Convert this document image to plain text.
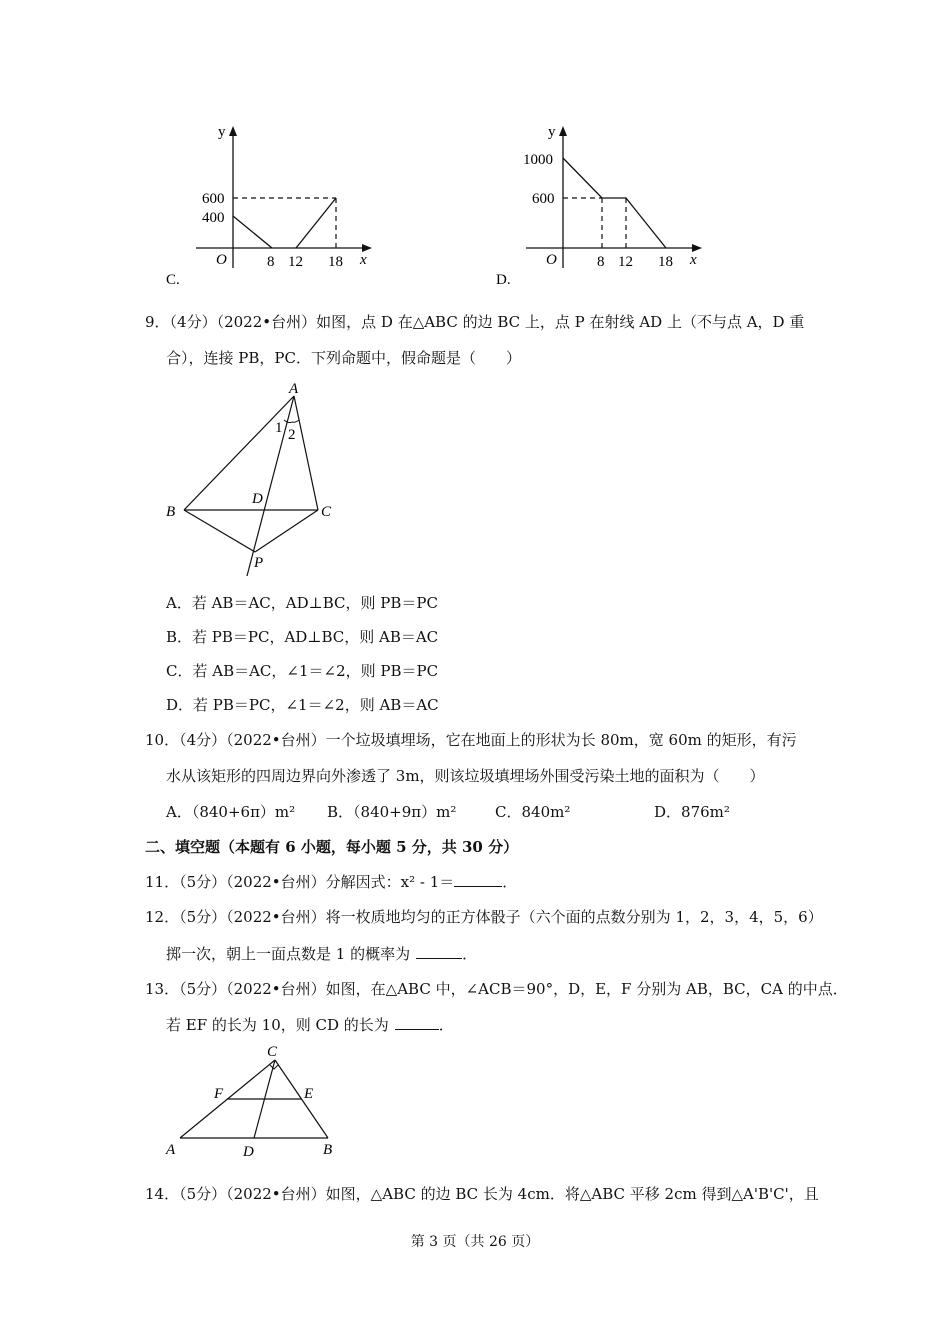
y
x
O
600
400
8 12 18
C.
y
x
O
1000
600
8 12 18
D.
9．（4分）（2022•台州）如图，点 D 在△ABC 的边 BC 上，点 P 在射线 AD 上（不与点 A，D 重
合），连接 PB，PC．下列命题中，假命题是（　　）
A
B	C
D
P
1 2
A．若 AB＝AC，AD⊥BC，则 PB＝PC
B．若 PB＝PC，AD⊥BC，则 AB＝AC
C．若 AB＝AC，∠1＝∠2，则 PB＝PC
D．若 PB＝PC，∠1＝∠2，则 AB＝AC
10．（4分）（2022•台州）一个垃圾填埋场，它在地面上的形状为长 80m，宽 60m 的矩形，有污
水从该矩形的四周边界向外渗透了 3m，则该垃圾填埋场外围受污染土地的面积为（　　）
A．（840+6π）m² B．（840+9π）m²	C．840m²	D．876m²
二、填空题（本题有 6 小题，每小题 5 分，共 30 分）
11．（5分）（2022•台州）分解因式：x² - 1＝	．
12．（5分）（2022•台州）将一枚质地均匀的正方体骰子（六个面的点数分别为 1，2，3，4，5，6）
掷一次，朝上一面点数是 1 的概率为	．
13．（5分）（2022•台州）如图，在△ABC 中，∠ACB＝90°，D，E，F 分别为 AB，BC，CA 的中点．
若 EF 的长为 10，则 CD 的长为	．
C
F	E
A	D	B
14．（5分）（2022•台州）如图，△ABC 的边 BC 长为 4cm．将△ABC 平移 2cm 得到△A'B'C'，且
第 3 页（共 26 页）
